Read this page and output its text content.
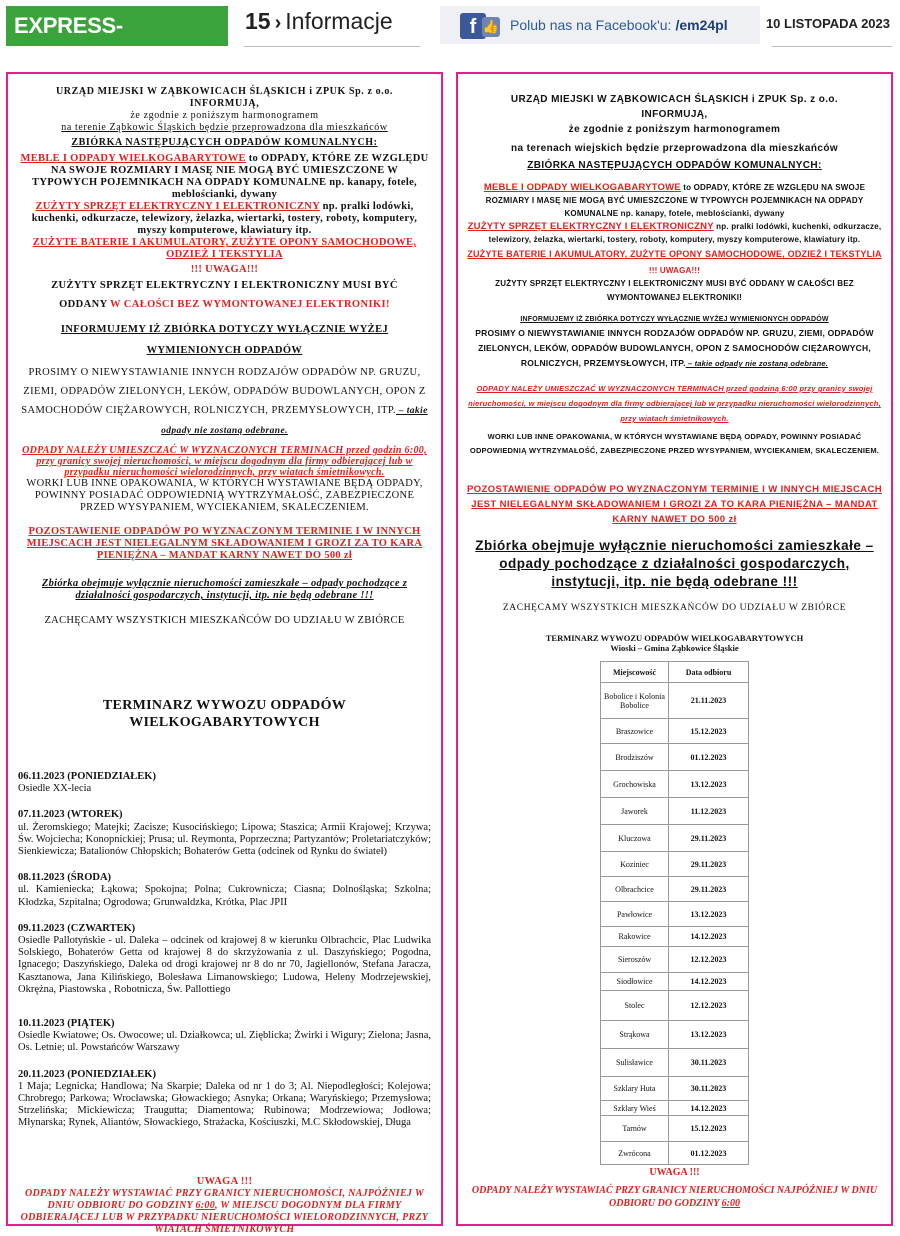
EXPRESS-MIEJSKI.PL
15 › Informacje	f 👍 Polub nas na Facebook'u: /em24pl	10 LISTOPADA 2023

URZĄD MIEJSKI W ZĄBKOWICACH ŚLĄSKICH i ZPUK Sp. z o.o.

INFORMUJĄ,

że zgodnie z poniższym harmonogramem

na terenie Ząbkowic Śląskich będzie przeprowadzona dla mieszkańców

ZBIÓRKA NASTĘPUJĄCYCH ODPADÓW KOMUNALNYCH:

MEBLE I ODPADY WIELKOGABARYTOWE to ODPADY, KTÓRE ZE WZGLĘDU NA SWOJE ROZMIARY I MASĘ NIE MOGĄ BYĆ UMIESZCZONE W TYPOWYCH POJEMNIKACH NA ODPADY KOMUNALNE np. kanapy, fotele, meblościanki, dywany

ZUŻYTY SPRZĘT ELEKTRYCZNY I ELEKTRONICZNY np. pralki lodówki, kuchenki, odkurzacze, telewizory, żelazka, wiertarki, tostery, roboty, komputery, myszy komputerowe, klawiatury itp.

ZUŻYTE BATERIE I AKUMULATORY, ZUŻYTE OPONY SAMOCHODOWE, ODZIEŻ I TEKSTYLIA

!!! UWAGA!!!

ZUŻYTY SPRZĘT ELEKTRYCZNY I ELEKTRONICZNY MUSI BYĆ

ODDANY W CAŁOŚCI BEZ WYMONTOWANEJ ELEKTRONIKI!

INFORMUJEMY IŻ ZBIÓRKA DOTYCZY WYŁĄCZNIE WYŻEJ

WYMIENIONYCH ODPADÓW

PROSIMY O NIEWYSTAWIANIE INNYCH RODZAJÓW ODPADÓW NP. GRUZU, ZIEMI, ODPADÓW ZIELONYCH, LEKÓW, ODPADÓW BUDOWLANYCH, OPON Z SAMOCHODÓW CIĘŻAROWYCH, ROLNICZYCH, PRZEMYSŁOWYCH, ITP. – takie odpady nie zostaną odebrane.

ODPADY NALEŻY UMIESZCZAĆ W WYZNACZONYCH TERMINACH przed godzin 6:00, przy granicy swojej nieruchomości, w miejscu dogodnym dla firmy odbierającej lub w przypadku nieruchomości wielorodzinnych, przy wiatach śmietnikowych.

WORKI LUB INNE OPAKOWANIA, W KTÓRYCH WYSTAWIANE BĘDĄ ODPADY, POWINNY POSIADAĆ ODPOWIEDNIĄ WYTRZYMAŁOŚĆ, ZABEZPIECZONE PRZED WYSYPANIEM, WYCIEKANIEM, SKALECZENIEM.

POZOSTAWIENIE ODPADÓW PO WYZNACZONYM TERMINIE I W INNYCH MIEJSCACH JEST NIELEGALNYM SKŁADOWANIEM I GROZI ZA TO KARA PIENIĘŻNA – MANDAT KARNY NAWET DO 500 zł

Zbiórka obejmuje wyłącznie nieruchomości zamieszkałe – odpady pochodzące z działalności gospodarczych, instytucji, itp. nie będą odebrane !!!

ZACHĘCAMY WSZYSTKICH MIESZKAŃCÓW DO UDZIAŁU W ZBIÓRCE

TERMINARZ WYWOZU ODPADÓW WIELKOGABARYTOWYCH
06.11.2023 (PONIEDZIAŁEK)
Osiedle XX-lecia
07.11.2023 (WTOREK)
ul. Żeromskiego; Matejki; Zacisze; Kusocińskiego; Lipowa; Staszica; Armii Krajowej; Krzywa; Św. Wojciecha; Konopnickiej; Prusa; ul. Reymonta, Poprzeczna; Partyzantów; Proletariatczyków; Sienkiewicza; Batalionów Chłopskich; Bohaterów Getta (odcinek od Rynku do świateł)
08.11.2023 (ŚRODA)
ul. Kamieniecka; Łąkowa; Spokojna; Polna; Cukrownicza; Ciasna; Dolnośląska; Szkolna; Kłodzka, Szpitalna; Ogrodowa; Grunwaldzka, Krótka, Plac JPII
09.11.2023 (CZWARTEK)
Osiedle Pallotyńskie - ul. Daleka – odcinek od krajowej 8 w kierunku Olbrachcic, Plac Ludwika Solskiego, Bohaterów Getta od krajowej 8 do skrzyżowania z ul. Daszyńskiego; Pogodna, Ignacego; Daszyńskiego, Daleka od drogi krajowej nr 8 do nr 70, Jagiellonów, Stefana Jaracza, Kasztanowa, Jana Kilińskiego, Bolesława Limanowskiego; Ludowa, Heleny Modrzejewskiej, Okrężna, Piastowska , Robotnicza, Św. Pallottiego
10.11.2023 (PIĄTEK)
Osiedle Kwiatowe; Os. Owocowe; ul. Działkowca; ul. Zięblicka; Żwirki i Wigury; Zielona; Jasna, Os. Letnie; ul. Powstańców Warszawy
20.11.2023 (PONIEDZIAŁEK)
1 Maja; Legnicka; Handlowa; Na Skarpie; Daleka od nr 1 do 3; Al. Niepodległości; Kolejowa; Chrobrego; Parkowa; Wrocławska; Głowackiego; Asnyka; Orkana; Waryńskiego; Przemysłowa; Strzelińska; Mickiewicza; Traugutta; Diamentowa; Rubinowa; Modrzewiowa; Jodłowa; Młynarska; Rynek, Aliantów, Słowackiego, Strażacka, Kościuszki, M.C Skłodowskiej, Długa

UWAGA !!!

ODPADY NALEŻY WYSTAWIAĆ PRZY GRANICY NIERUCHOMOŚCI, NAJPÓŹNIEJ W DNIU ODBIORU DO GODZINY 6:00, W MIEJSCU DOGODNYM DLA FIRMY ODBIERAJĄCEJ LUB W PRZYPADKU NIERUCHOMOŚCI WIELORODZINNYCH, PRZY WIATACH ŚMIETNIKOWYCH

URZĄD MIEJSKI W ZĄBKOWICACH ŚLĄSKICH i ZPUK Sp. z o.o.

INFORMUJĄ,

że zgodnie z poniższym harmonogramem

na terenach wiejskich będzie przeprowadzona dla mieszkańców

ZBIÓRKA NASTĘPUJĄCYCH ODPADÓW KOMUNALNYCH:

MEBLE I ODPADY WIELKOGABARYTOWE to ODPADY, KTÓRE ZE WZGLĘDU NA SWOJE ROZMIARY I MASĘ NIE MOGĄ BYĆ UMIESZCZONE W TYPOWYCH POJEMNIKACH NA ODPADY KOMUNALNE np. kanapy, fotele, meblościanki, dywany

ZUŻYTY SPRZĘT ELEKTRYCZNY I ELEKTRONICZNY np. pralki lodówki, kuchenki, odkurzacze, telewizory, żelazka, wiertarki, tostery, roboty, komputery, myszy komputerowe, klawiatury itp.

ZUŻYTE BATERIE I AKUMULATORY, ZUŻYTE OPONY SAMOCHODOWE, ODZIEŻ I TEKSTYLIA

!!! UWAGA!!!

ZUŻYTY SPRZĘT ELEKTRYCZNY I ELEKTRONICZNY MUSI BYĆ ODDANY W CAŁOŚCI BEZ WYMONTOWANEJ ELEKTRONIKI!

INFORMUJEMY IŻ ZBIÓRKA DOTYCZY WYŁĄCZNIE WYŻEJ WYMIENIONYCH ODPADÓW

PROSIMY O NIEWYSTAWIANIE INNYCH RODZAJÓW ODPADÓW NP. GRUZU, ZIEMI, ODPADÓW ZIELONYCH, LEKÓW, ODPADÓW BUDOWLANYCH, OPON Z SAMOCHODÓW CIĘŻAROWYCH, ROLNICZYCH, PRZEMYSŁOWYCH, ITP. – takie odpady nie zostaną odebrane.

ODPADY NALEŻY UMIESZCZAĆ W WYZNACZONYCH TERMINACH przed godziną 6:00 przy granicy swojej nieruchomości, w miejscu dogodnym dla firmy odbierającej lub w przypadku nieruchomości wielorodzinnych, przy wiatach śmietnikowych.

WORKI LUB INNE OPAKOWANIA, W KTÓRYCH WYSTAWIANE BĘDĄ ODPADY, POWINNY POSIADAĆ ODPOWIEDNIĄ WYTRZYMAŁOŚĆ, ZABEZPIECZONE PRZED WYSYPANIEM, WYCIEKANIEM, SKALECZENIEM.

POZOSTAWIENIE ODPADÓW PO WYZNACZONYM TERMINIE I W INNYCH MIEJSCACH JEST NIELEGALNYM SKŁADOWANIEM I GROZI ZA TO KARA PIENIĘŻNA – MANDAT KARNY NAWET DO 500 zł

Zbiórka obejmuje wyłącznie nieruchomości zamieszkałe – odpady pochodzące z działalności gospodarczych, instytucji, itp. nie będą odebrane !!!

ZACHĘCAMY WSZYSTKICH MIESZKAŃCÓW DO UDZIAŁU W ZBIÓRCE

TERMINARZ WYWOZU ODPADÓW WIELKOGABARYTOWYCH

Wioski – Gmina Ząbkowice Śląskie

Miejscowość	Data odbioru
Bobolice i Kolonia Bobolice	21.11.2023
Braszowice	15.12.2023
Brodziszów	01.12.2023
Grochowiska	13.12.2023
Jaworek	11.12.2023
Kluczowa	29.11.2023
Koziniec	29.11.2023
Olbrachcice	29.11.2023
Pawłowice	13.12.2023
Rakowice	14.12.2023
Sieroszów	12.12.2023
Siodłowice	14.12.2023
Stolec	12.12.2023
Strąkowa	13.12.2023
Sulisławice	30.11.2023
Szklary Huta	30.11.2023
Szklary Wieś	14.12.2023
Tarnów	15.12.2023
Zwrócona	01.12.2023

UWAGA !!!

ODPADY NALEŻY WYSTAWIAĆ PRZY GRANICY NIERUCHOMOŚCI NAJPÓŹNIEJ W DNIU ODBIORU DO GODZINY 6:00
